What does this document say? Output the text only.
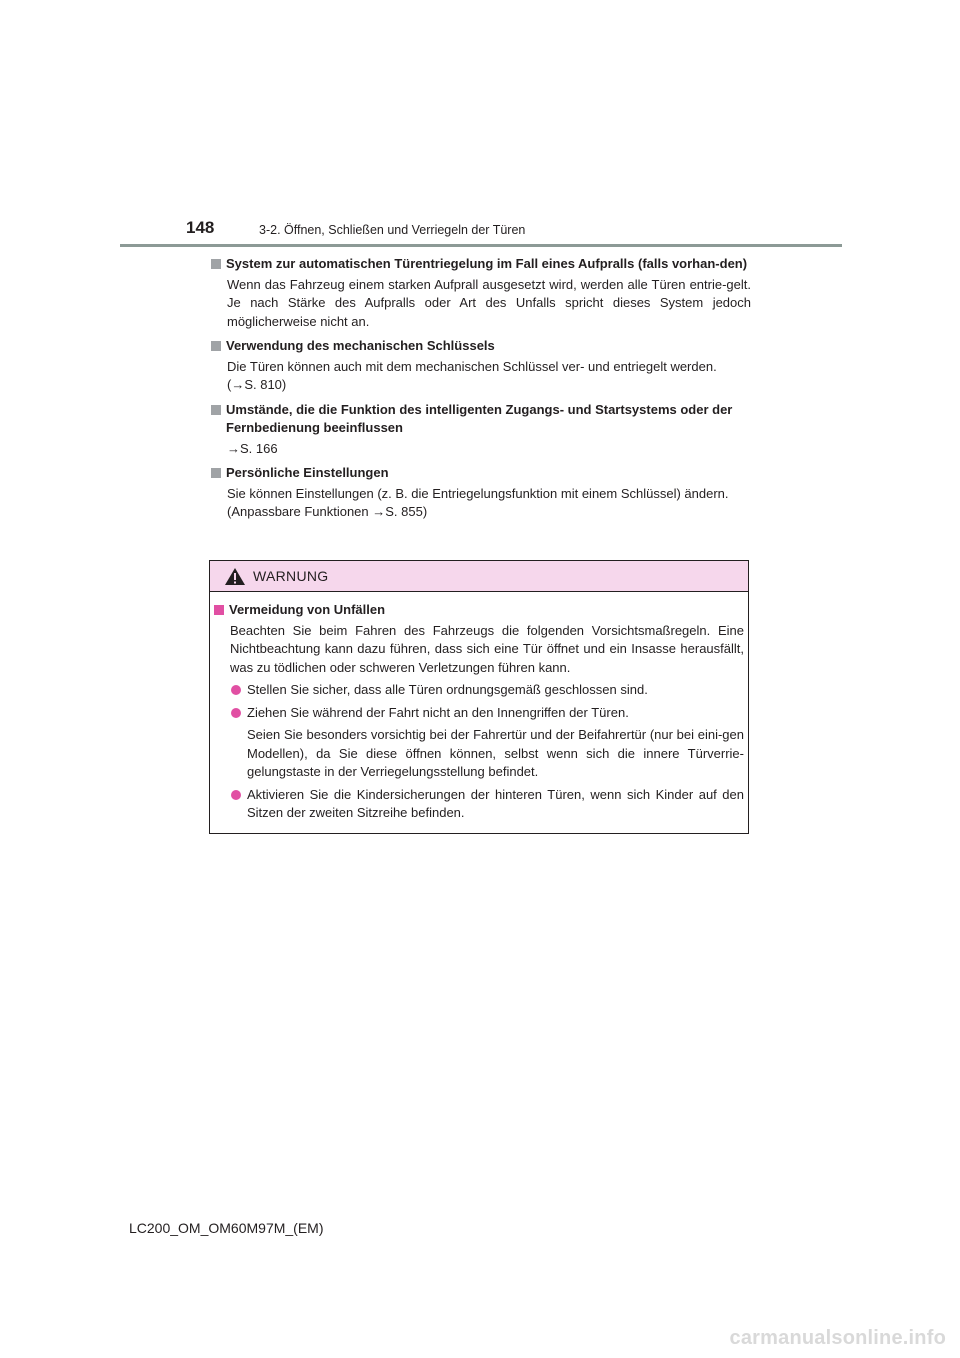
148	3-2. Öffnen, Schließen und Verriegeln der Türen
System zur automatischen Türentriegelung im Fall eines Aufpralls (falls vorhan-den)
Wenn das Fahrzeug einem starken Aufprall ausgesetzt wird, werden alle Türen entrie-gelt. Je nach Stärke des Aufpralls oder Art des Unfalls spricht dieses System jedoch möglicherweise nicht an.
Verwendung des mechanischen Schlüssels
Die Türen können auch mit dem mechanischen Schlüssel ver- und entriegelt werden.
(→S. 810)
Umstände, die die Funktion des intelligenten Zugangs- und Startsystems oder der Fernbedienung beeinflussen
→S. 166
Persönliche Einstellungen
Sie können Einstellungen (z. B. die Entriegelungsfunktion mit einem Schlüssel) ändern.
(Anpassbare Funktionen →S. 855)
WARNUNG
Vermeidung von Unfällen
Beachten Sie beim Fahren des Fahrzeugs die folgenden Vorsichtsmaßregeln. Eine Nichtbeachtung kann dazu führen, dass sich eine Tür öffnet und ein Insasse herausfällt, was zu tödlichen oder schweren Verletzungen führen kann.
Stellen Sie sicher, dass alle Türen ordnungsgemäß geschlossen sind.
Ziehen Sie während der Fahrt nicht an den Innengriffen der Türen.
Seien Sie besonders vorsichtig bei der Fahrertür und der Beifahrertür (nur bei eini-gen Modellen), da Sie diese öffnen können, selbst wenn sich die innere Türverrie-gelungstaste in der Verriegelungsstellung befindet.
Aktivieren Sie die Kindersicherungen der hinteren Türen, wenn sich Kinder auf den Sitzen der zweiten Sitzreihe befinden.
LC200_OM_OM60M97M_(EM)
carmanualsonline.info
